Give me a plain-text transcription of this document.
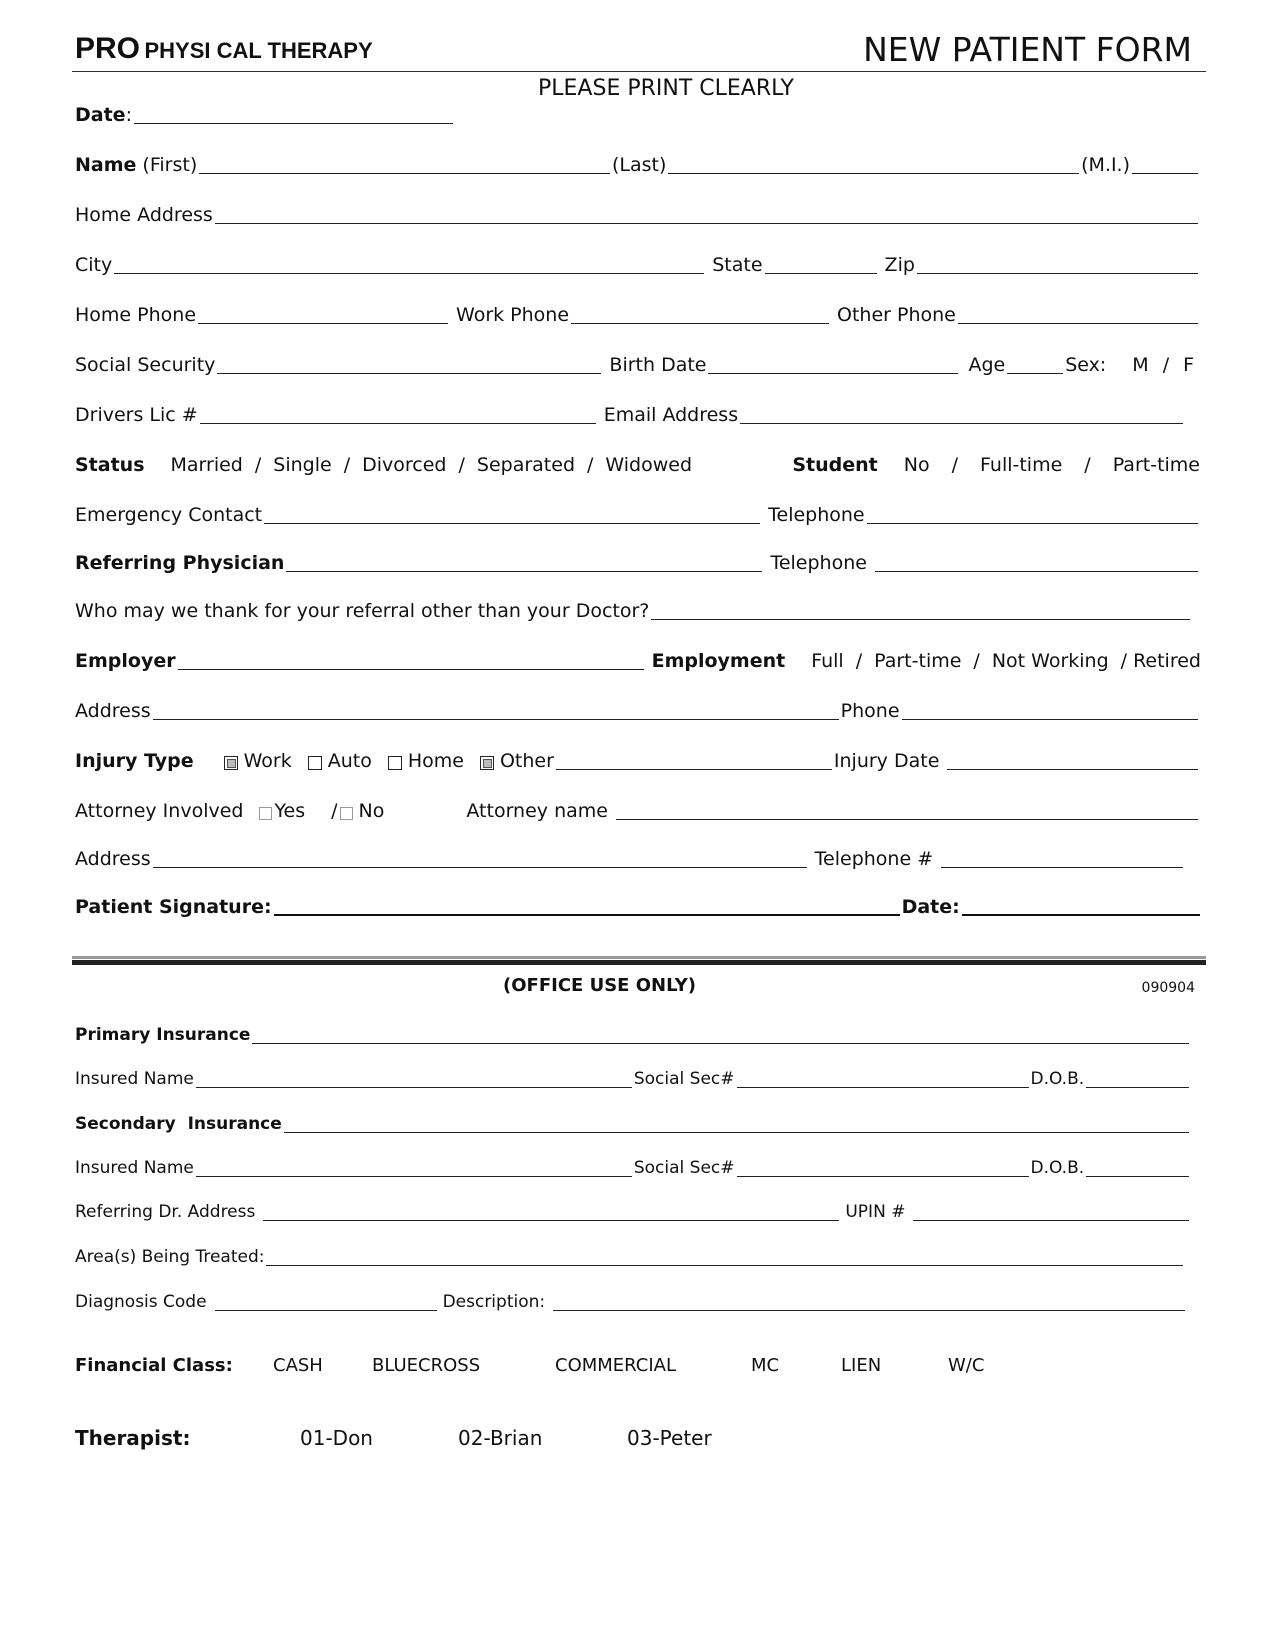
PRO PHYSI CAL THERAPY	NEW PATIENT FORM
PLEASE PRINT CLEARLY
Date :
Name (First)	(Last)	(M.I.)
Home Address
City	State	Zip
Home Phone	Work Phone	Other Phone
Social Security	Birth Date	Age	Sex: M / F
Drivers Lic #	Email Address
Status Married / Single / Divorced / Separated / Widowed	Student No	/	Full-time	/	Part-time
Emergency Contact	Telephone
Referring Physician	Telephone
Who may we thank for your referral other than your Doctor?
Employer	Employment Full / Part-time / Not Working / Retired
Address	Phone
Injury Type	Work Auto Home Other	Injury Date
Attorney Involved Yes	/ No	Attorney name
Address	Telephone #
Patient Signature:	Date:
(OFFICE USE ONLY)	090904
Primary Insurance
Insured Name	Social Sec#	D.O.B.
Secondary  Insurance
Insured Name	Social Sec#	D.O.B.
Referring Dr. Address	UPIN #
Area(s) Being Treated:
Diagnosis Code	Description:
Financial Class: CASH	BLUECROSS	COMMERCIAL	MC	LIEN	W/C
Therapist:	01-Don	02-Brian	03-Peter
